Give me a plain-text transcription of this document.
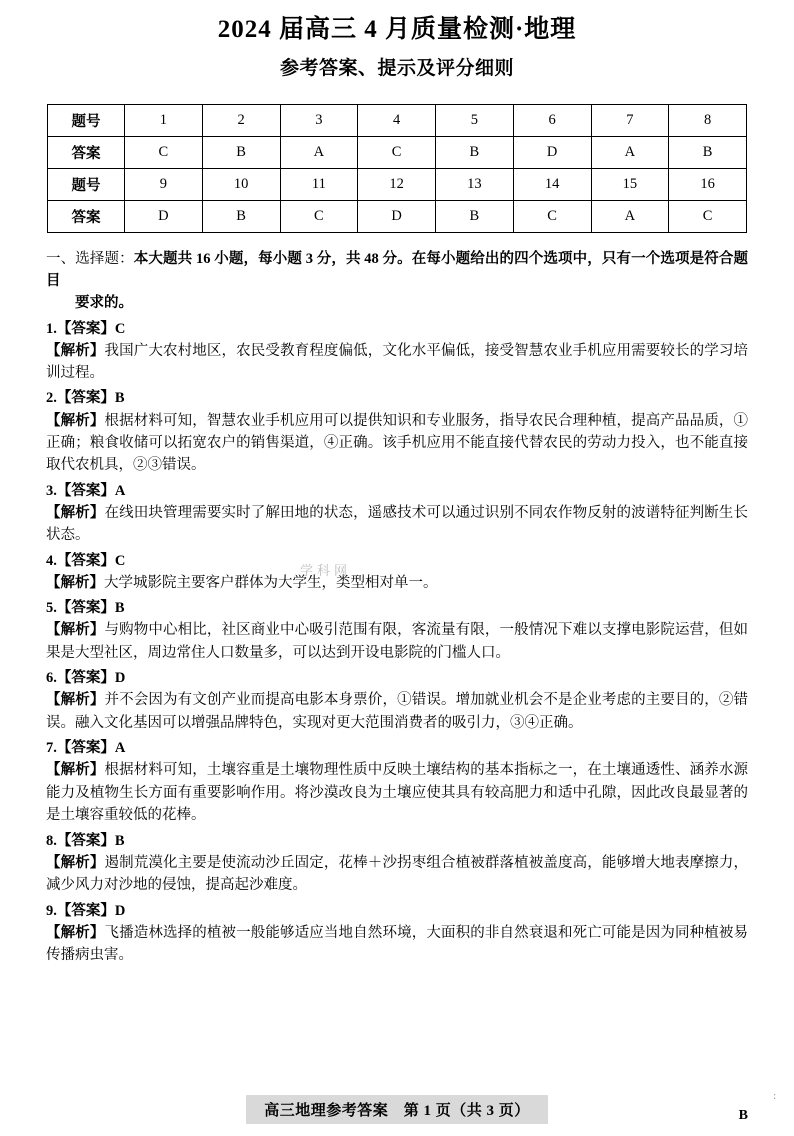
2024 届高三 4 月质量检测·地理
参考答案、提示及评分细则
题号	1	2	3	4	5	6	7	8
答案	C	B	A	C	B	D	A	B
题号	9	10	11	12	13	14	15	16
答案	D	B	C	D	B	C	A	C
一、选择题：本大题共 16 小题，每小题 3 分，共 48 分。在每小题给出的四个选项中，只有一个选项是符合题目
要求的。
1.【答案】C
【解析】我国广大农村地区，农民受教育程度偏低，文化水平偏低，接受智慧农业手机应用需要较长的学习培训过程。
2.【答案】B
【解析】根据材料可知，智慧农业手机应用可以提供知识和专业服务，指导农民合理种植，提高产品品质，①正确；粮食收储可以拓宽农户的销售渠道，④正确。该手机应用不能直接代替农民的劳动力投入，也不能直接取代农机具，②③错误。
3.【答案】A
【解析】在线田块管理需要实时了解田地的状态，遥感技术可以通过识别不同农作物反射的波谱特征判断生长状态。
4.【答案】C
【解析】大学城影院主要客户群体为大学生，类型相对单一。
5.【答案】B
【解析】与购物中心相比，社区商业中心吸引范围有限，客流量有限，一般情况下难以支撑电影院运营，但如果是大型社区，周边常住人口数量多，可以达到开设电影院的门槛人口。
6.【答案】D
【解析】并不会因为有文创产业而提高电影本身票价，①错误。增加就业机会不是企业考虑的主要目的，②错误。融入文化基因可以增强品牌特色，实现对更大范围消费者的吸引力，③④正确。
7.【答案】A
【解析】根据材料可知，土壤容重是土壤物理性质中反映土壤结构的基本指标之一，在土壤通透性、涵养水源能力及植物生长方面有重要影响作用。将沙漠改良为土壤应使其具有较高肥力和适中孔隙，因此改良最显著的是土壤容重较低的花棒。
8.【答案】B
【解析】遏制荒漠化主要是使流动沙丘固定，花棒＋沙拐枣组合植被群落植被盖度高，能够增大地表摩擦力，减少风力对沙地的侵蚀，提高起沙难度。
9.【答案】D
【解析】飞播造林选择的植被一般能够适应当地自然环境，大面积的非自然衰退和死亡可能是因为同种植被易传播病虫害。
学科网
高三地理参考答案　第 1 页（共 3 页）	B
:
